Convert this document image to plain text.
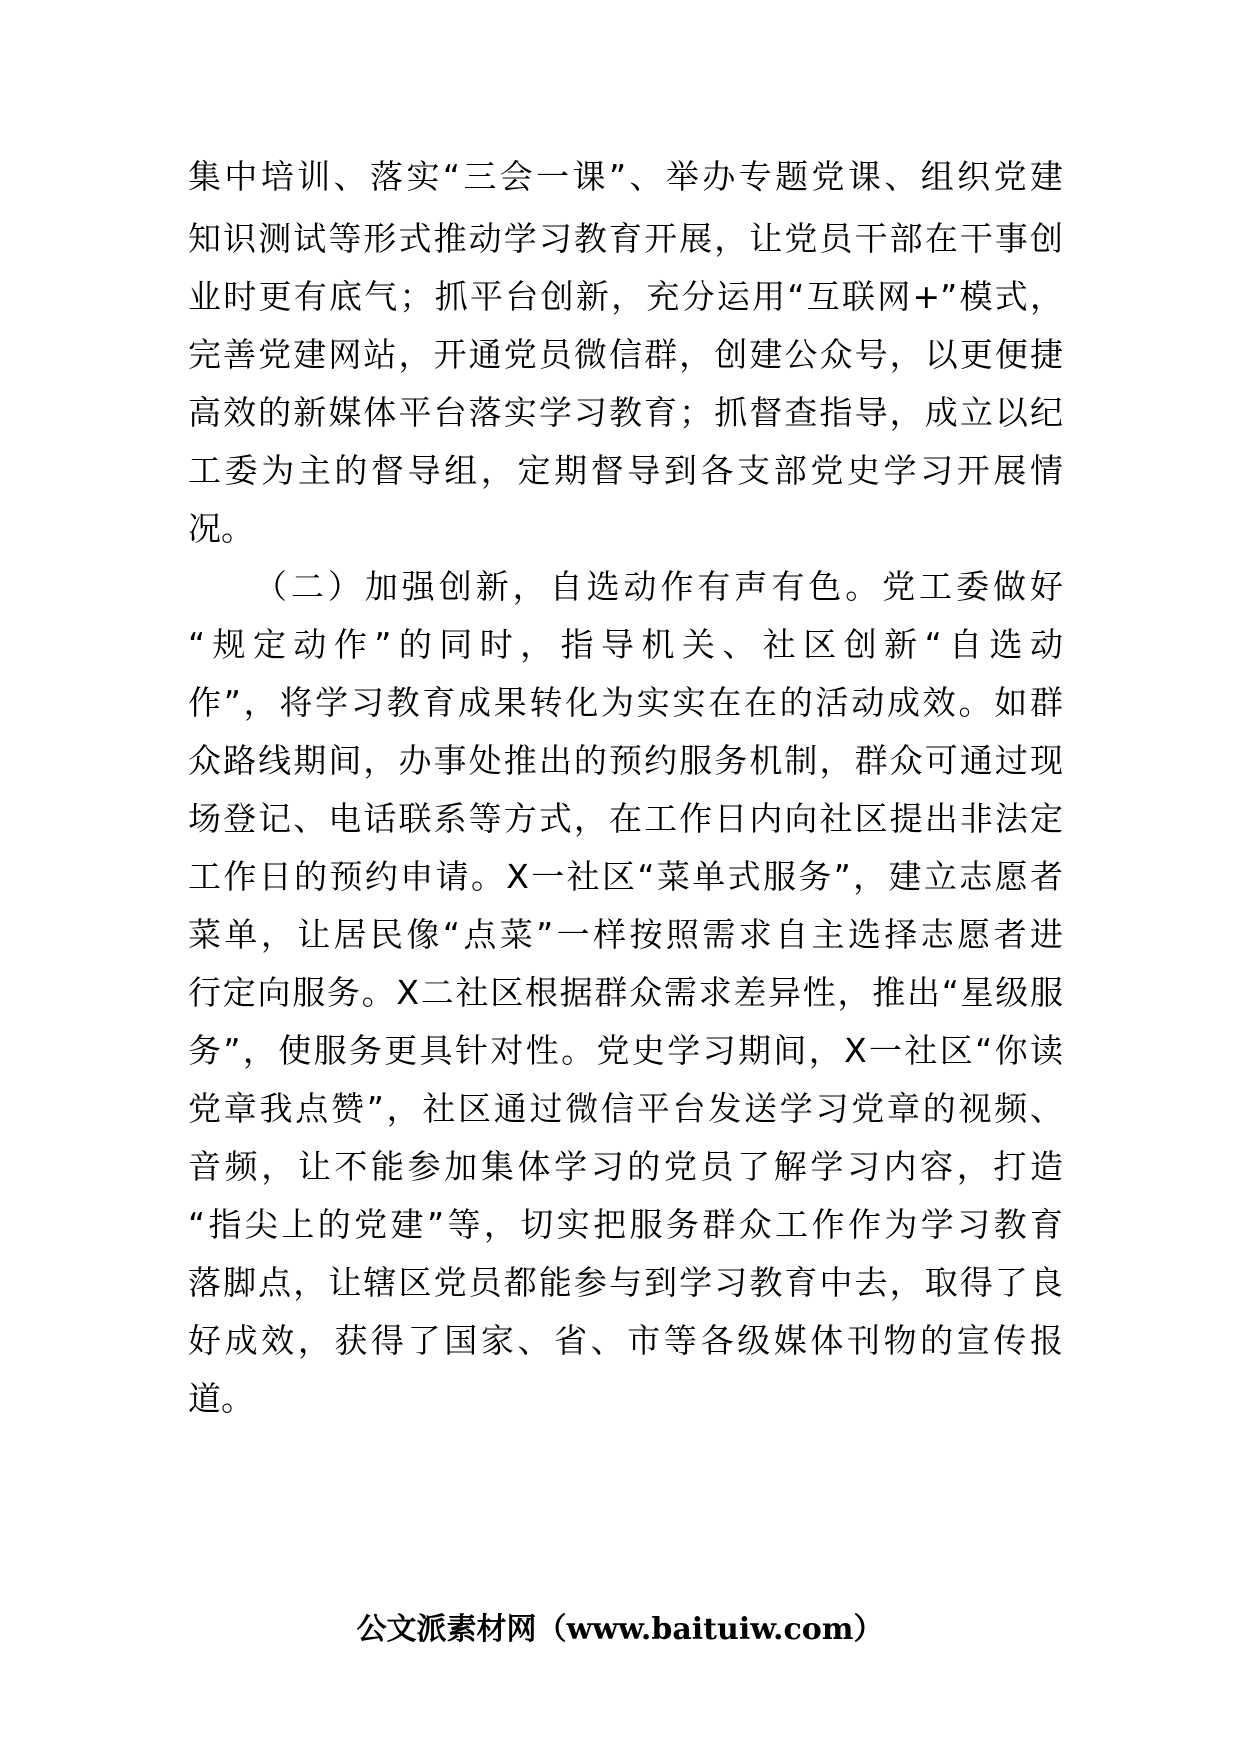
集中培训、落实“三会一课”、举办专题党课、组织党建
知识测试等形式推动学习教育开展，让党员干部在干事创
业时更有底气；抓平台创新，充分运用“互联网+”模式，
完善党建网站，开通党员微信群，创建公众号，以更便捷
高效的新媒体平台落实学习教育；抓督查指导，成立以纪
工委为主的督导组，定期督导到各支部党史学习开展情
况。
（二）加强创新，自选动作有声有色。党工委做好
“规定动作”的同时，指导机关、社区创新“自选动
作”，将学习教育成果转化为实实在在的活动成效。如群
众路线期间，办事处推出的预约服务机制，群众可通过现
场登记、电话联系等方式，在工作日内向社区提出非法定
工作日的预约申请。X一社区“菜单式服务”，建立志愿者
菜单，让居民像“点菜”一样按照需求自主选择志愿者进
行定向服务。X二社区根据群众需求差异性，推出“星级服
务”，使服务更具针对性。党史学习期间，X一社区“你读
党章我点赞”，社区通过微信平台发送学习党章的视频、
音频，让不能参加集体学习的党员了解学习内容，打造
“指尖上的党建”等，切实把服务群众工作作为学习教育
落脚点，让辖区党员都能参与到学习教育中去，取得了良
好成效，获得了国家、省、市等各级媒体刊物的宣传报
道。
公文派素材网（www.baituiw.com）
